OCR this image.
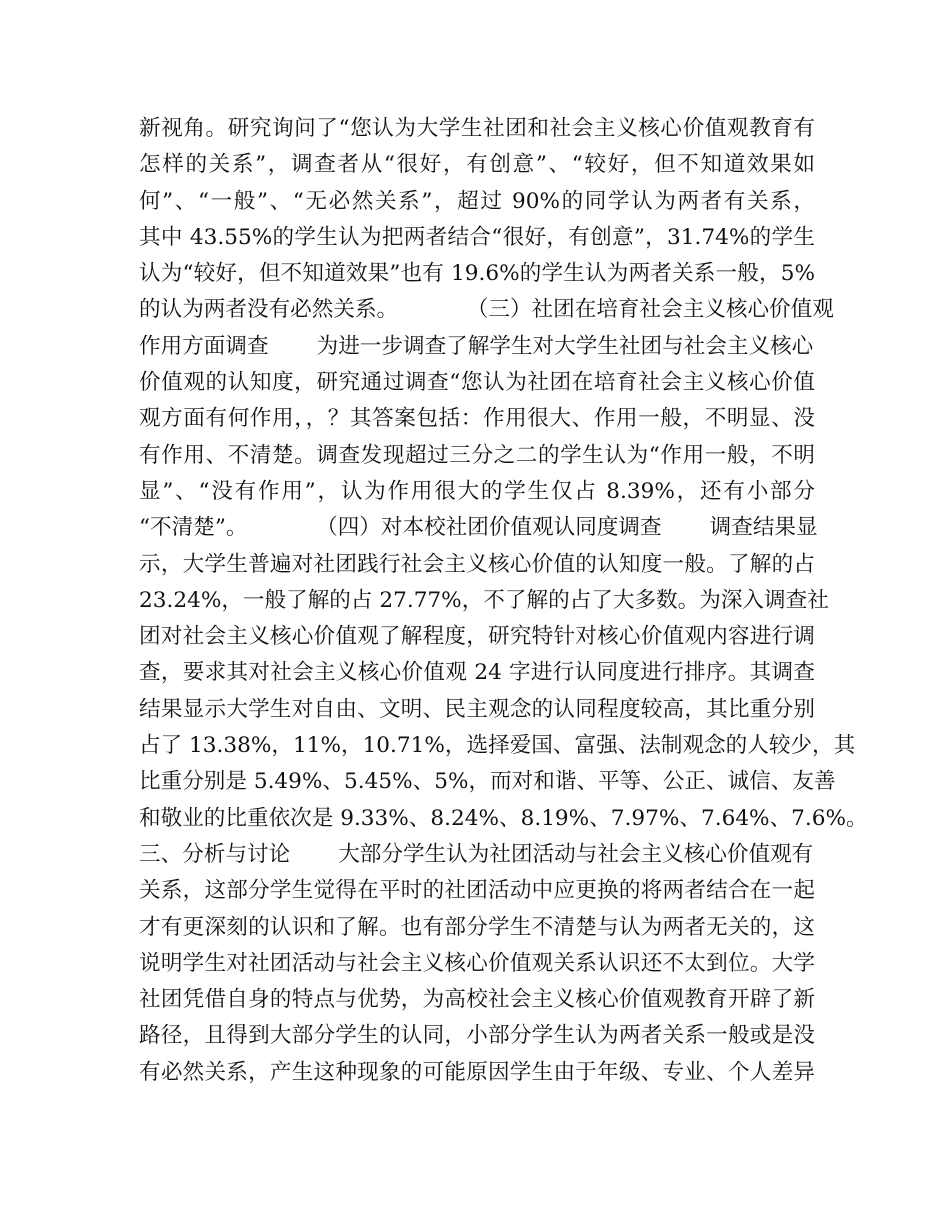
新视角。研究询问了“您认为大学生社团和社会主义核心价值观教育有
怎样的关系”，调查者从“很好，有创意”、“较好，但不知道效果如
何”、“一般”、“无必然关系”，超过 90%的同学认为两者有关系，
其中 43.55%的学生认为把两者结合“很好，有创意”，31.74%的学生
认为“较好，但不知道效果”也有 19.6%的学生认为两者关系一般，5%
的认为两者没有必然关系。          （三）社团在培育社会主义核心价值观
作用方面调查       为进一步调查了解学生对大学生社团与社会主义核心
价值观的认知度，研究通过调查“您认为社团在培育社会主义核心价值
观方面有何作用，，？其答案包括：作用很大、作用一般，不明显、没
有作用、不清楚。调查发现超过三分之二的学生认为“作用一般，不明
显”、“没有作用”，认为作用很大的学生仅占 8.39%，还有小部分
“不清楚”。          （四）对本校社团价值观认同度调查       调查结果显
示，大学生普遍对社团践行社会主义核心价值的认知度一般。了解的占
23.24%，一般了解的占 27.77%，不了解的占了大多数。为深入调查社
团对社会主义核心价值观了解程度，研究特针对核心价值观内容进行调
查，要求其对社会主义核心价值观 24 字进行认同度进行排序。其调查
结果显示大学生对自由、文明、民主观念的认同程度较高，其比重分别
占了 13.38%，11%，10.71%，选择爱国、富强、法制观念的人较少，其
比重分别是 5.49%、5.45%、5%，而对和谐、平等、公正、诚信、友善
和敬业的比重依次是 9.33%、8.24%、8.19%、7.97%、7.64%、7.6%。
三、分析与讨论       大部分学生认为社团活动与社会主义核心价值观有
关系，这部分学生觉得在平时的社团活动中应更换的将两者结合在一起
才有更深刻的认识和了解。也有部分学生不清楚与认为两者无关的，这
说明学生对社团活动与社会主义核心价值观关系认识还不太到位。大学
社团凭借自身的特点与优势，为高校社会主义核心价值观教育开辟了新
路径，且得到大部分学生的认同，小部分学生认为两者关系一般或是没
有必然关系，产生这种现象的可能原因学生由于年级、专业、个人差异
